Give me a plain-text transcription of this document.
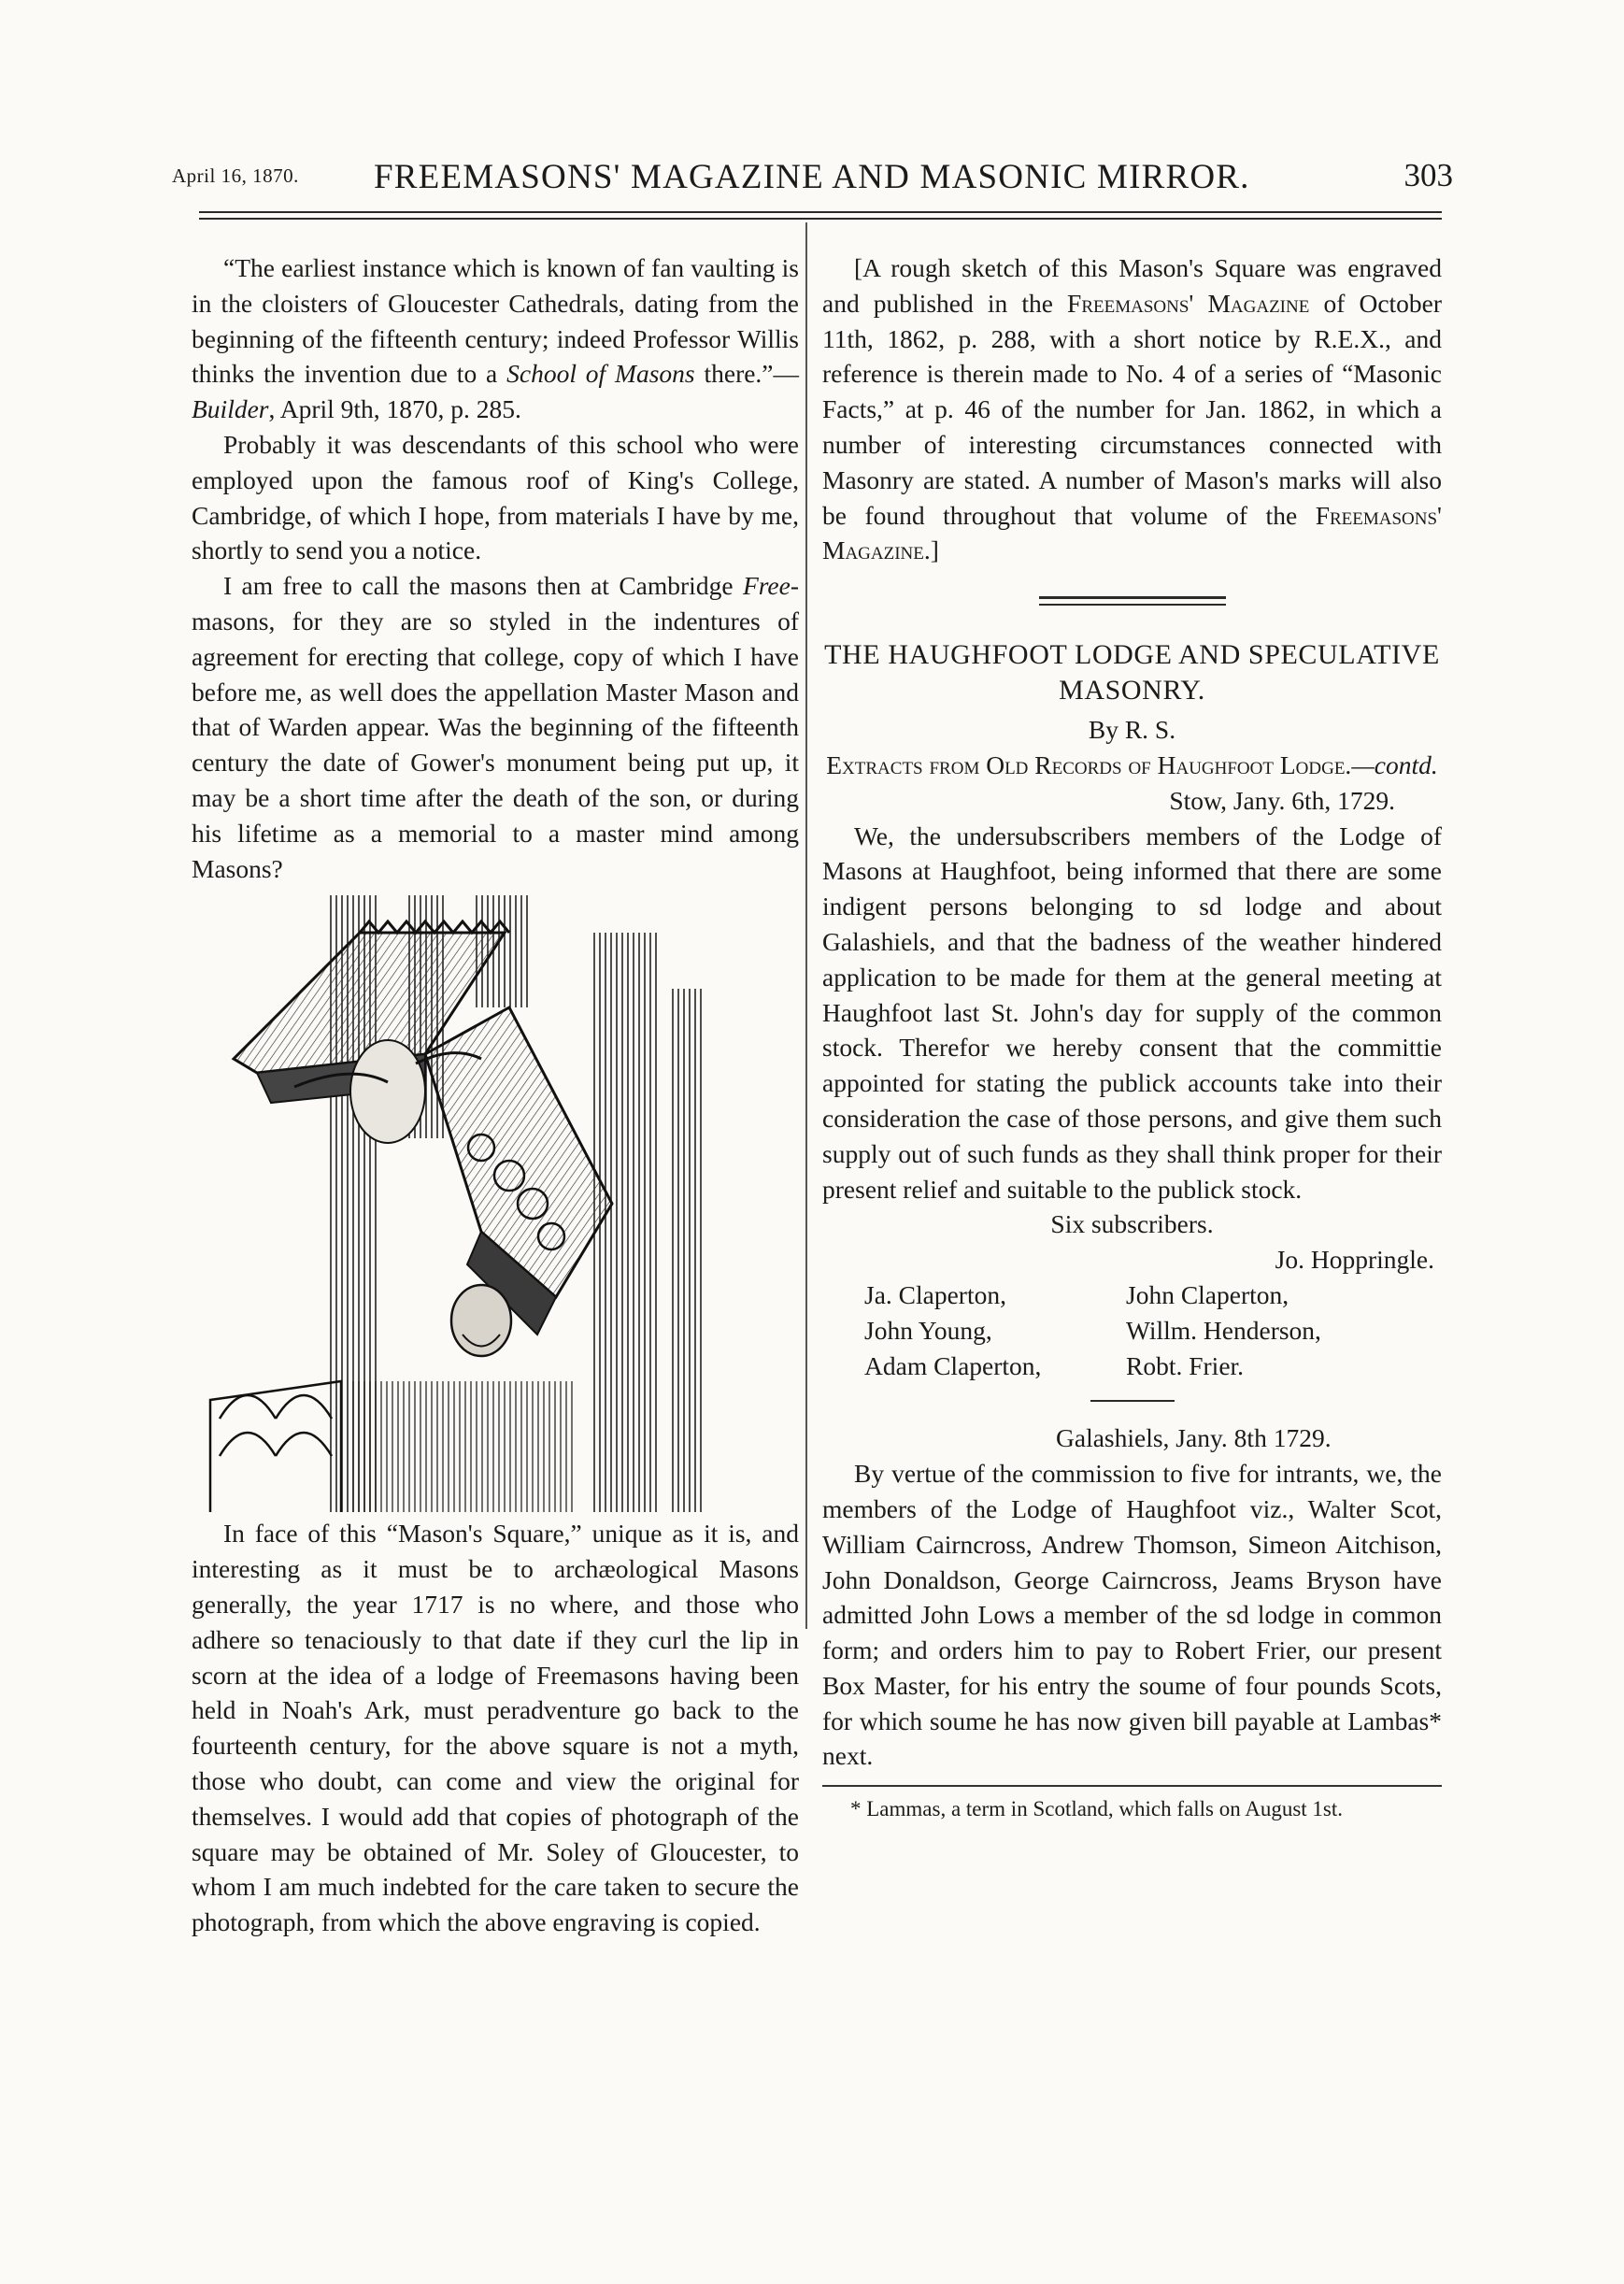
April 16, 1870. FREEMASONS' MAGAZINE AND MASONIC MIRROR.	303

“The earliest instance which is known of fan vaulting is in the cloisters of Gloucester Cathedrals, dating from the beginning of the fifteenth century; indeed Professor Willis thinks the invention due to a School of Masons there.”—Builder, April 9th, 1870, p. 285.

Probably it was descendants of this school who were employed upon the famous roof of King's College, Cambridge, of which I hope, from materials I have by me, shortly to send you a notice.

I am free to call the masons then at Cambridge Free-masons, for they are so styled in the indentures of agreement for erecting that college, copy of which I have before me, as well does the appellation Master Mason and that of Warden appear. Was the beginning of the fifteenth century the date of Gower's monument being put up, it may be a short time after the death of the son, or during his lifetime as a memorial to a master mind among Masons?

In face of this “Mason's Square,” unique as it is, and interesting as it must be to archæological Masons generally, the year 1717 is no where, and those who adhere so tenaciously to that date if they curl the lip in scorn at the idea of a lodge of Freemasons having been held in Noah's Ark, must peradventure go back to the fourteenth century, for the above square is not a myth, those who doubt, can come and view the original for themselves. I would add that copies of photograph of the square may be obtained of Mr. Soley of Gloucester, to whom I am much indebted for the care taken to secure the photograph, from which the above engraving is copied.

[A rough sketch of this Mason's Square was engraved and published in the Freemasons' Magazine of October 11th, 1862, p. 288, with a short notice by R.E.X., and reference is therein made to No. 4 of a series of “Masonic Facts,” at p. 46 of the number for Jan. 1862, in which a number of interesting circumstances connected with Masonry are stated. A number of Mason's marks will also be found throughout that volume of the Freemasons' Magazine.]

THE HAUGHFOOT LODGE AND SPECULATIVE MASONRY.

By R. S.

Extracts from Old Records of Haughfoot Lodge.—contd.

Stow, Jany. 6th, 1729.

We, the undersubscribers members of the Lodge of Masons at Haughfoot, being informed that there are some indigent persons belonging to sd lodge and about Galashiels, and that the badness of the weather hindered application to be made for them at the general meeting at Haughfoot last St. John's day for supply of the common stock. Therefor we hereby consent that the committie appointed for stating the publick accounts take into their consideration the case of those persons, and give them such supply out of such funds as they shall think proper for their present relief and suitable to the publick stock.

Six subscribers.

Jo. Hoppringle.

Ja. Claperton,	John Claperton,
John Young,	Willm. Henderson,
Adam Claperton,	Robt. Frier.

Galashiels, Jany. 8th 1729.

By vertue of the commission to five for intrants, we, the members of the Lodge of Haughfoot viz., Walter Scot, William Cairncross, Andrew Thomson, Simeon Aitchison, John Donaldson, George Cairncross, Jeams Bryson have admitted John Lows a member of the sd lodge in common form; and orders him to pay to Robert Frier, our present Box Master, for his entry the soume of four pounds Scots, for which soume he has now given bill payable at Lambas* next.

* Lammas, a term in Scotland, which falls on August 1st.
